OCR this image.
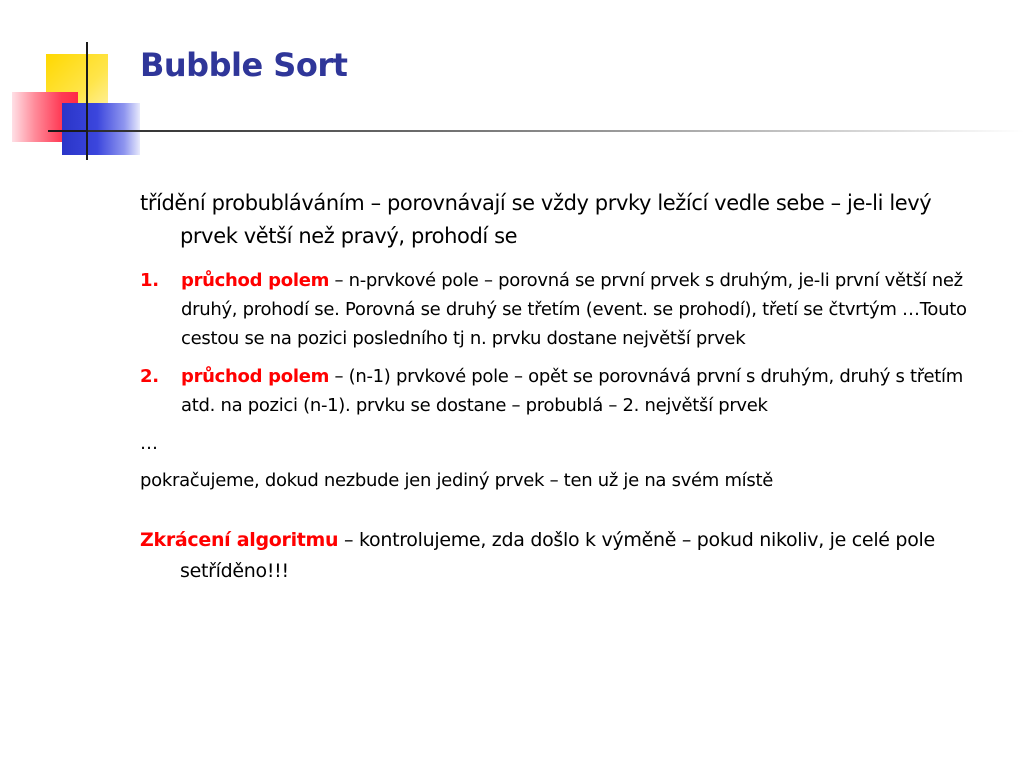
Bubble Sort

třídění probubláváním – porovnávají se vždy prvky ležící vedle sebe – je-li levý prvek větší než pravý, prohodí se

1. průchod polem – n-prvkové pole – porovná se první prvek s druhým, je-li první větší než druhý, prohodí se. Porovná se druhý se třetím (event. se prohodí), třetí se čtvrtým …Touto cestou se na pozici posledního tj n. prvku dostane největší prvek
2. průchod polem – (n-1) prvkové pole – opět se porovnává první s druhým, druhý s třetím atd. na pozici (n-1). prvku se dostane – probublá – 2. největší prvek

…

pokračujeme, dokud nezbude jen jediný prvek – ten už je na svém místě

Zkrácení algoritmu – kontrolujeme, zda došlo k výměně – pokud nikoliv, je celé pole setříděno!!!
